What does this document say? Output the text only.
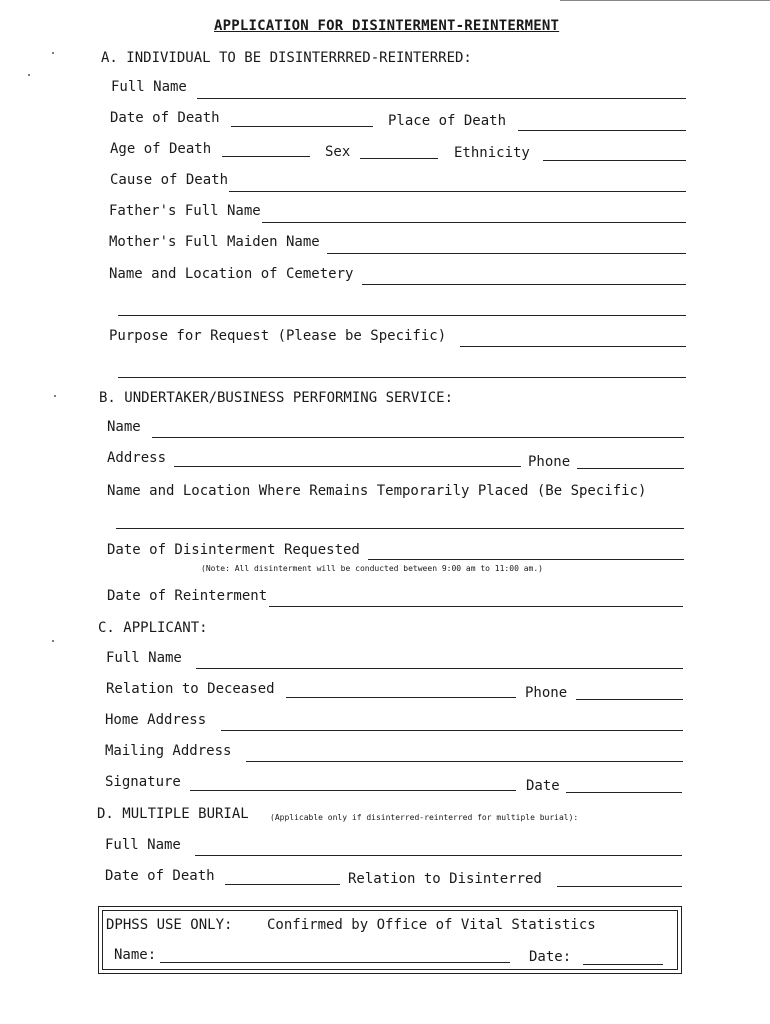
APPLICATION FOR DISINTERMENT-REINTERMENT
A. INDIVIDUAL TO BE DISINTERRRED-REINTERRED:
Full Name
Date of Death	Place of Death
Age of Death	Sex	Ethnicity
Cause of Death
Father's Full Name
Mother's Full Maiden Name
Name and Location of Cemetery
Purpose for Request (Please be Specific)
B. UNDERTAKER/BUSINESS PERFORMING SERVICE:
Name
Address	Phone
Name and Location Where Remains Temporarily Placed (Be Specific)
Date of Disinterment Requested
(Note: All disinterment will be conducted between 9:00 am to 11:00 am.)
Date of Reinterment
C. APPLICANT:
Full Name
Relation to Deceased	Phone
Home Address
Mailing Address
Signature	Date
D. MULTIPLE BURIAL	(Applicable only if disinterred-reinterred for multiple burial):
Full Name
Date of Death	Relation to Disinterred
DPHSS USE ONLY: Confirmed by Office of Vital Statistics
Name:	Date:
